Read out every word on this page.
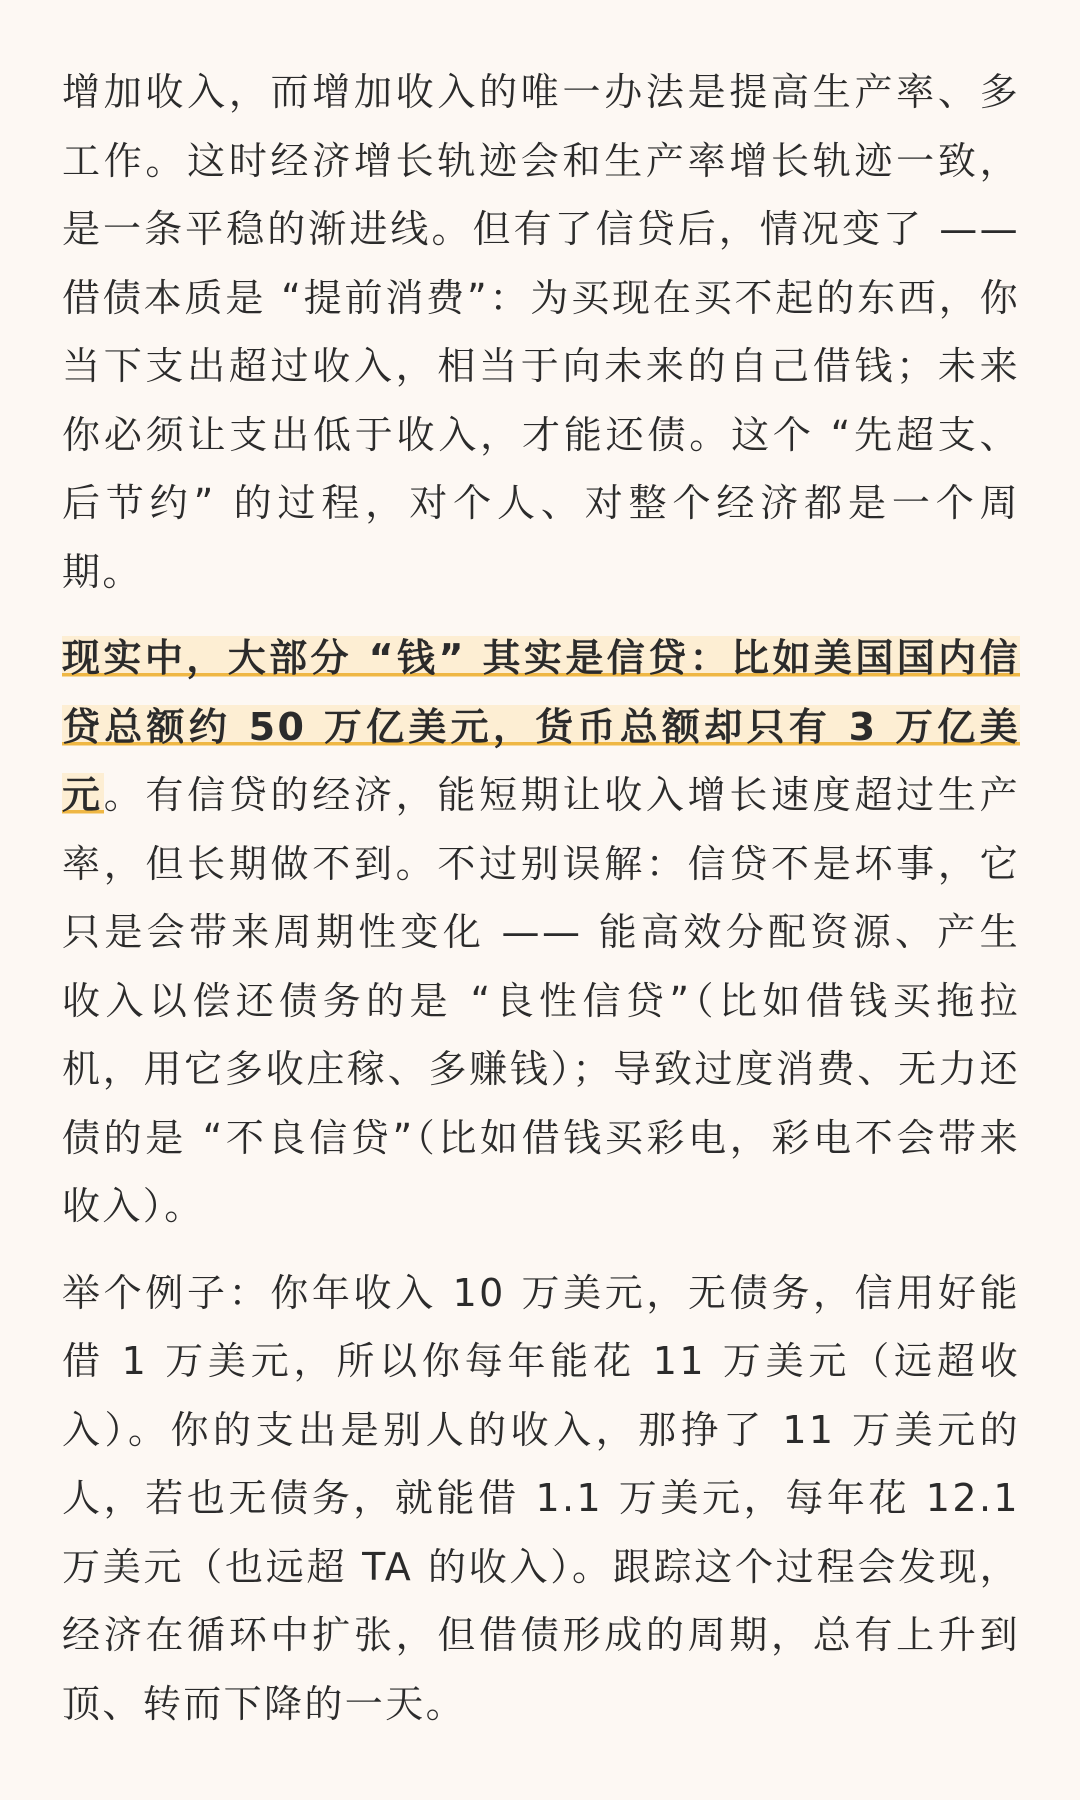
增加收入，而增加收入的唯一办法是提高生产率、多工作。这时经济增长轨迹会和生产率增长轨迹一致，是一条平稳的渐进线。但有了信贷后，情况变了 —— 借债本质是 “提前消费”：为买现在买不起的东西，你当下支出超过收入，相当于向未来的自己借钱；未来你必须让支出低于收入，才能还债。这个 “先超支、后节约” 的过程，对个人、对整个经济都是一个周期。

现实中，大部分 “钱” 其实是信贷：比如美国国内信贷总额约 50 万亿美元，货币总额却只有 3 万亿美元。有信贷的经济，能短期让收入增长速度超过生产率，但长期做不到。不过别误解：信贷不是坏事，它只是会带来周期性变化 —— 能高效分配资源、产生收入以偿还债务的是 “良性信贷”（比如借钱买拖拉机，用它多收庄稼、多赚钱）；导致过度消费、无力还债的是 “不良信贷”（比如借钱买彩电，彩电不会带来收入）。

举个例子：你年收入 10 万美元，无债务，信用好能借 1 万美元，所以你每年能花 11 万美元（远超收入）。你的支出是别人的收入，那挣了 11 万美元的人，若也无债务，就能借 1.1 万美元，每年花 12.1 万美元（也远超 TA 的收入）。跟踪这个过程会发现，经济在循环中扩张，但借债形成的周期，总有上升到顶、转而下降的一天。
